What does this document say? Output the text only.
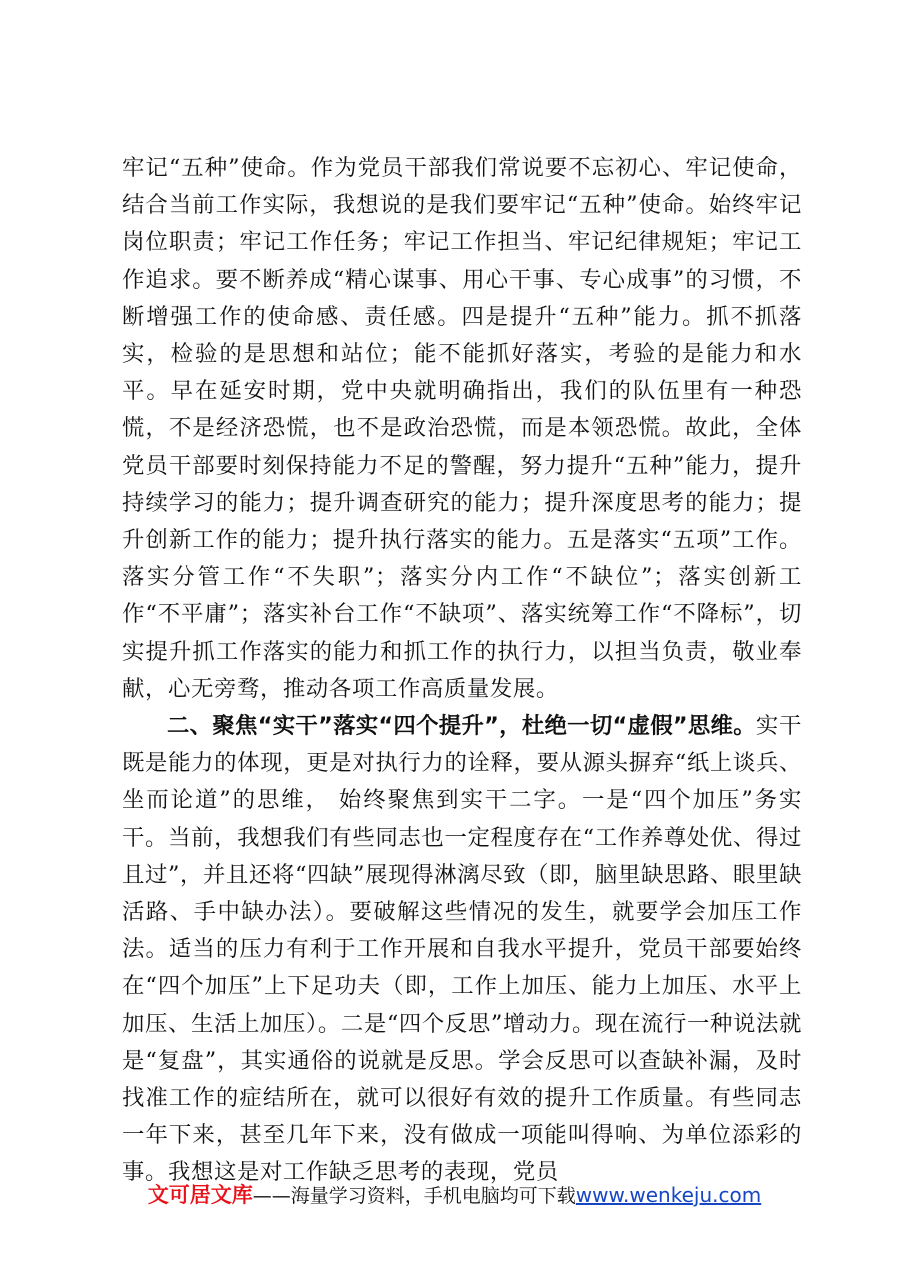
牢记“五种”使命。作为党员干部我们常说要不忘初心、牢记使命，结合当前工作实际，我想说的是我们要牢记“五种”使命。始终牢记岗位职责；牢记工作任务；牢记工作担当、牢记纪律规矩；牢记工作追求。要不断养成“精心谋事、用心干事、专心成事”的习惯，不断增强工作的使命感、责任感。四是提升“五种”能力。抓不抓落实，检验的是思想和站位；能不能抓好落实，考验的是能力和水平。早在延安时期，党中央就明确指出，我们的队伍里有一种恐慌，不是经济恐慌，也不是政治恐慌，而是本领恐慌。故此，全体党员干部要时刻保持能力不足的警醒，努力提升“五种”能力，提升持续学习的能力；提升调查研究的能力；提升深度思考的能力；提升创新工作的能力；提升执行落实的能力。五是落实“五项”工作。落实分管工作“不失职”；落实分内工作“不缺位”；落实创新工作“不平庸”；落实补台工作“不缺项”、落实统筹工作“不降标”，切实提升抓工作落实的能力和抓工作的执行力，以担当负责，敬业奉献，心无旁骛，推动各项工作高质量发展。

二、聚焦“实干”落实“四个提升”，杜绝一切“虚假”思维。实干既是能力的体现，更是对执行力的诠释，要从源头摒弃“纸上谈兵、坐而论道”的思维， 始终聚焦到实干二字。一是“四个加压”务实干。当前，我想我们有些同志也一定程度存在“工作养尊处优、得过且过”，并且还将“四缺”展现得淋漓尽致（即，脑里缺思路、眼里缺活路、手中缺办法）。要破解这些情况的发生，就要学会加压工作法。适当的压力有利于工作开展和自我水平提升，党员干部要始终在“四个加压”上下足功夫（即，工作上加压、能力上加压、水平上加压、生活上加压）。二是“四个反思”增动力。现在流行一种说法就是“复盘”，其实通俗的说就是反思。学会反思可以查缺补漏，及时找准工作的症结所在，就可以很好有效的提升工作质量。有些同志一年下来，甚至几年下来，没有做成一项能叫得响、为单位添彩的事。我想这是对工作缺乏思考的表现，党员

文可居文库——海量学习资料，手机电脑均可下载www.wenkeju.com
